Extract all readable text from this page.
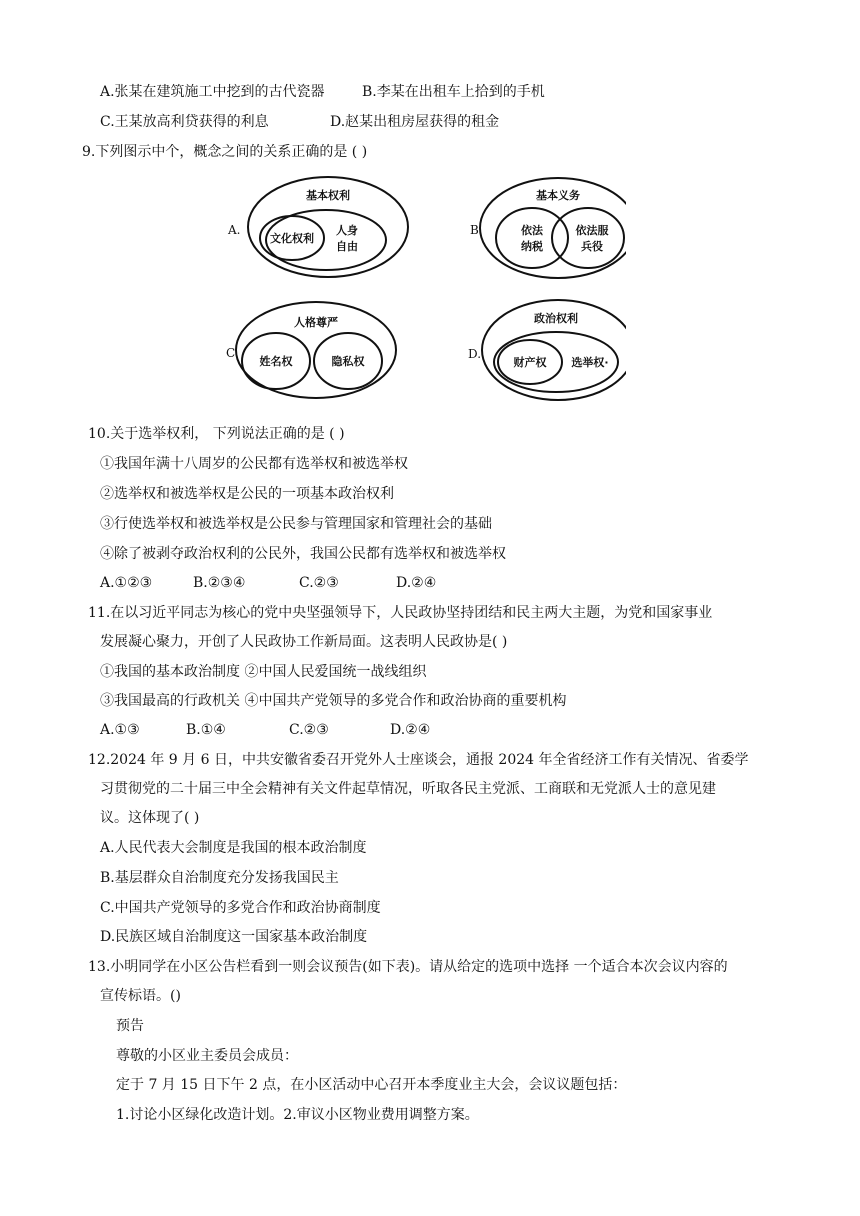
A.张某在建筑施工中挖到的古代瓷器	B.李某在出租车上拾到的手机
C.王某放高利贷获得的利息	D.赵某出租房屋获得的租金
9.下列图示中个，概念之间的关系正确的是 ( )
A.
基本权利
文化权利
人身
自由
B.
基本义务
依法
纳税
依法服
兵役
C.
人格尊严
姓名权	隐私权
D.
政治权利
财产权 选举权·
10.关于选举权利， 下列说法正确的是 ( )
①我国年满十八周岁的公民都有选举权和被选举权
②选举权和被选举权是公民的一项基本政治权利
③行使选举权和被选举权是公民参与管理国家和管理社会的基础
④除了被剥夺政治权利的公民外，我国公民都有选举权和被选举权
A.①②③	B.②③④	C.②③	D.②④
11.在以习近平同志为核心的党中央坚强领导下，人民政协坚持团结和民主两大主题，为党和国家事业
发展凝心聚力，开创了人民政协工作新局面。这表明人民政协是( )
①我国的基本政治制度 ②中国人民爱国统一战线组织
③我国最高的行政机关 ④中国共产党领导的多党合作和政治协商的重要机构
A.①③	B.①④	C.②③	D.②④
12.2024 年 9 月 6 日，中共安徽省委召开党外人士座谈会，通报 2024 年全省经济工作有关情况、省委学
习贯彻党的二十届三中全会精神有关文件起草情况，听取各民主党派、工商联和无党派人士的意见建
议。这体现了( )
A.人民代表大会制度是我国的根本政治制度
B.基层群众自治制度充分发扬我国民主
C.中国共产党领导的多党合作和政治协商制度
D.民族区域自治制度这一国家基本政治制度
13.小明同学在小区公告栏看到一则会议预告(如下表)。请从给定的选项中选择 一个适合本次会议内容的
宣传标语。()
预告
尊敬的小区业主委员会成员：
定于 7 月 15 日下午 2 点，在小区活动中心召开本季度业主大会，会议议题包括：
1.讨论小区绿化改造计划。2.审议小区物业费用调整方案。
